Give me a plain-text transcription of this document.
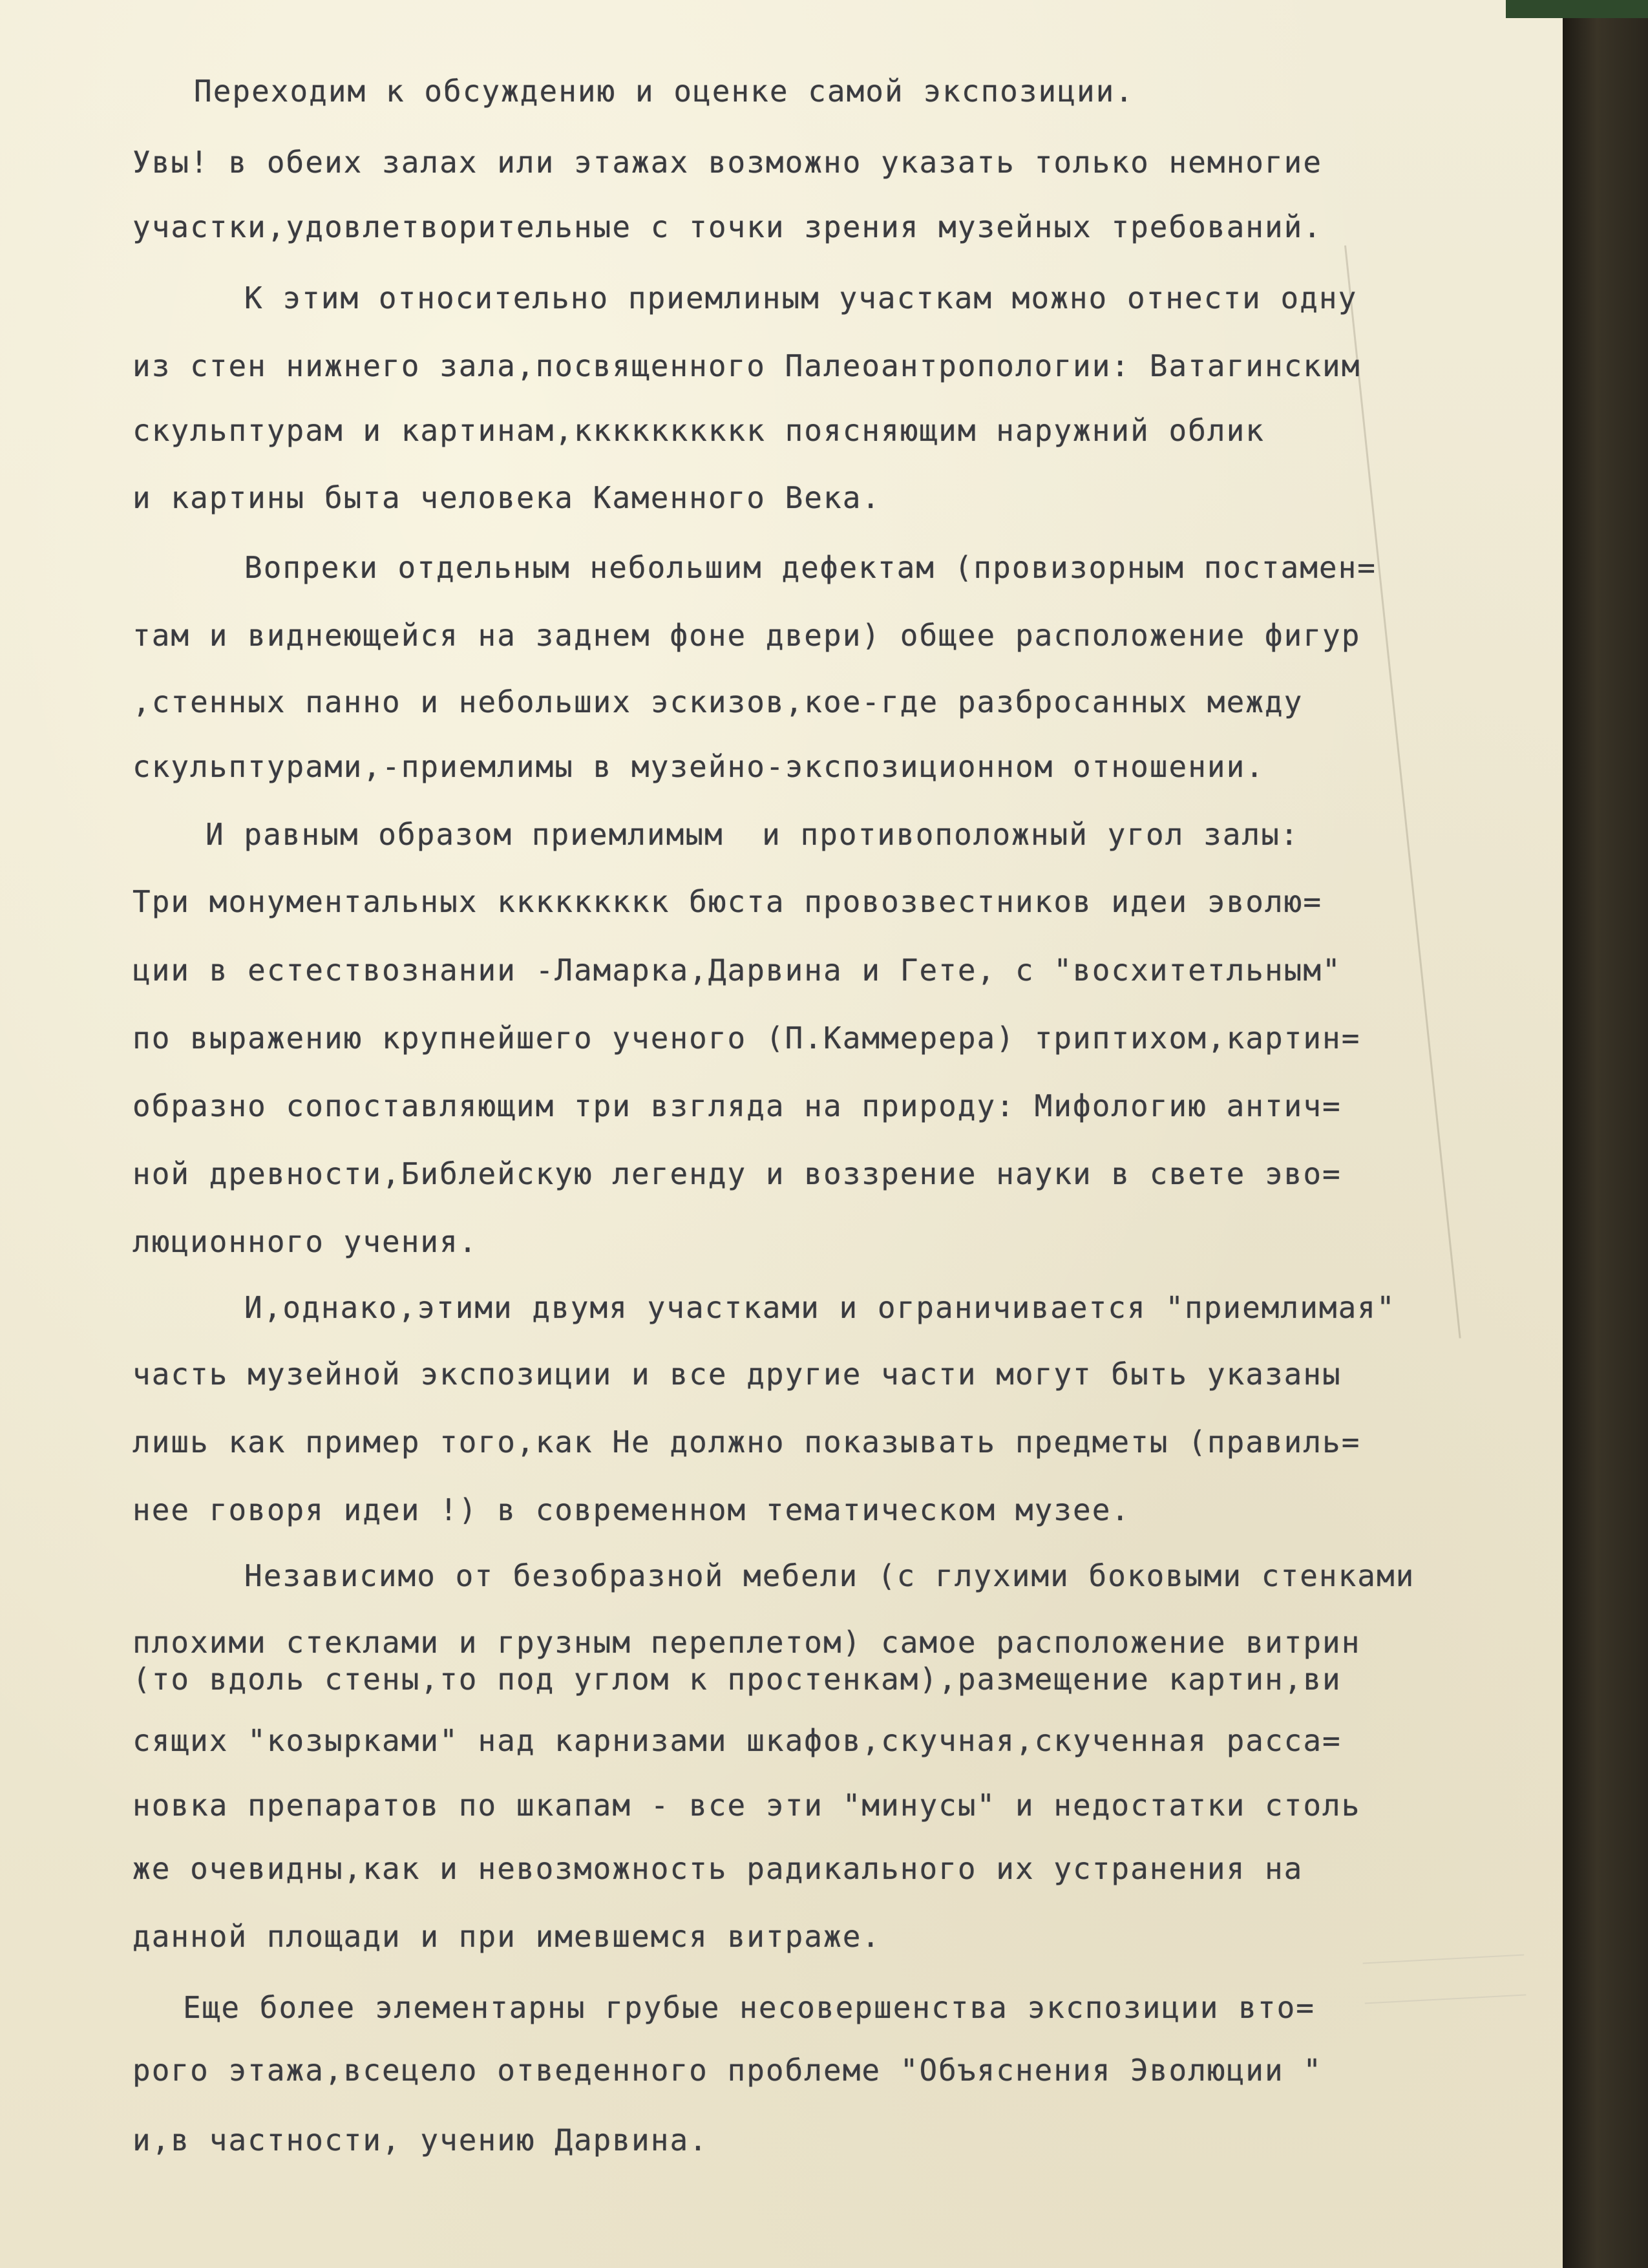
Переходим к обсуждению и оценке самой экспозиции.
Увы! в обеих залах или этажах возможно указать только немногие
участки,удовлетворительные с точки зрения музейных требований.
К этим относительно приемлиным участкам можно отнести одну
из стен нижнего зала,посвященного Палеоантропологии: Ватагинским
скульптурам и картинам,кккккккккк поясняющим наружний облик
и картины быта человека Каменного Века.
Вопреки отдельным небольшим дефектам (провизорным постамен=
там и виднеющейся на заднем фоне двери) общее расположение фигур
,стенных панно и небольших эскизов,кое-где разбросанных между
скульптурами,-приемлимы в музейно-экспозиционном отношении.
И равным образом приемлимым  и противоположный угол залы:
Три монументальных ккккккккк бюста провозвестников идеи эволю=
ции в естествознании -Ламарка,Дарвина и Гете, с "восхитетльным"
по выражению крупнейшего ученого (П.Каммерера) триптихом,картин=
образно сопоставляющим три взгляда на природу: Мифологию антич=
ной древности,Библейскую легенду и воззрение науки в свете эво=
люционного учения.
И,однако,этими двумя участками и ограничивается "приемлимая"
часть музейной экспозиции и все другие части могут быть указаны
лишь как пример того,как Не должно показывать предметы (правиль=
нее говоря идеи !) в современном тематическом музее.
Независимо от безобразной мебели (с глухими боковыми стенками
плохими стеклами и грузным переплетом) самое расположение витрин
(то вдоль стены,то под углом к простенкам),размещение картин,ви
сящих "козырками" над карнизами шкафов,скучная,скученная расса=
новка препаратов по шкапам - все эти "минусы" и недостатки столь
же очевидны,как и невозможность радикального их устранения на
данной площади и при имевшемся витраже.
Еще более элементарны грубые несовершенства экспозиции вто=
рого этажа,всецело отведенного проблеме "Объяснения Эволюции "
и,в частности, учению Дарвина.
